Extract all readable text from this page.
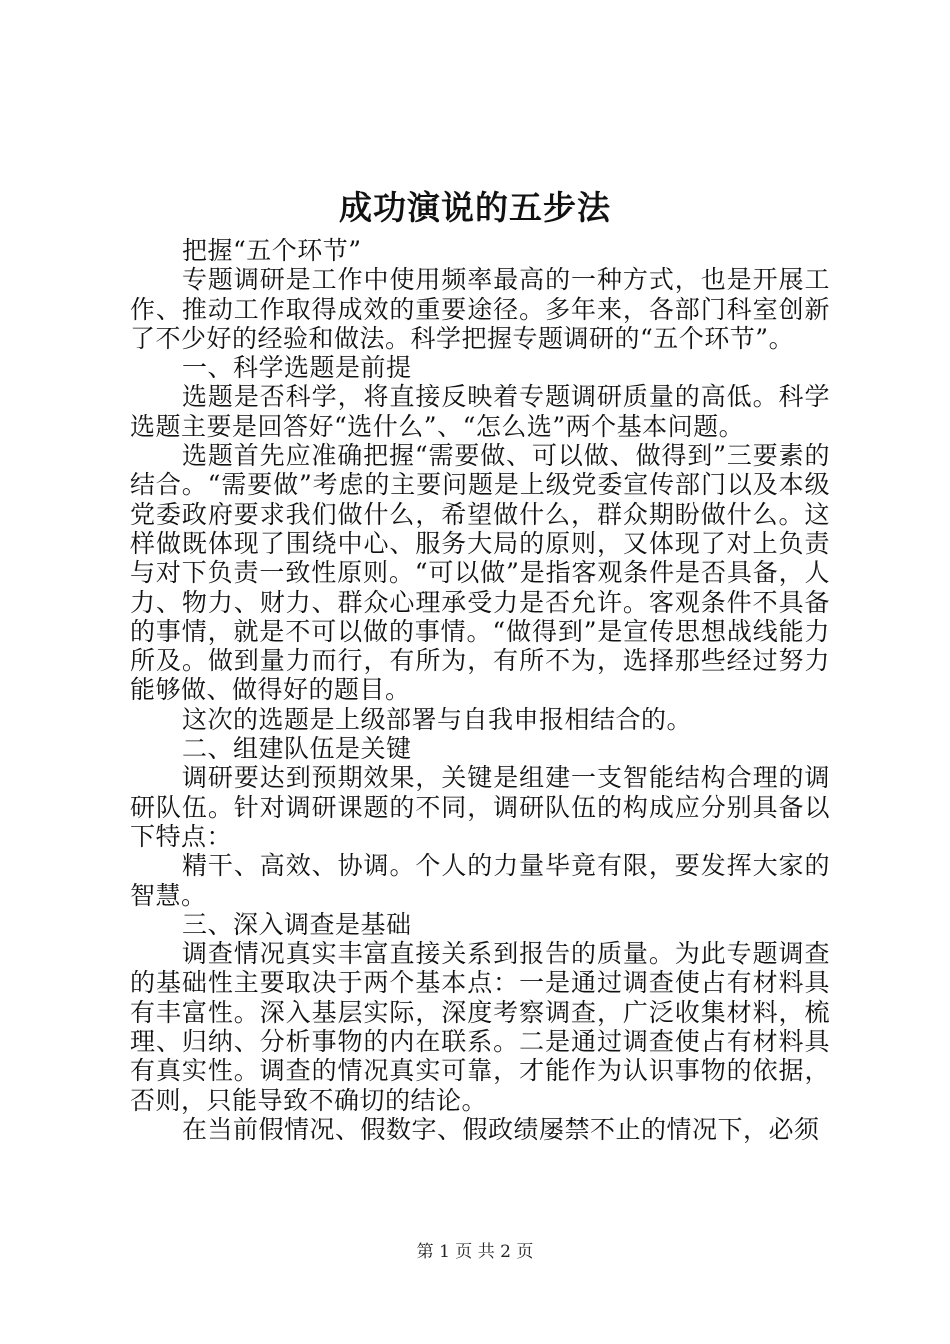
成功演说的五步法

把握“五个环节”

专题调研是工作中使用频率最高的一种方式，也是开展工作、推动工作取得成效的重要途径。多年来，各部门科室创新了不少好的经验和做法。科学把握专题调研的“五个环节”。

一、科学选题是前提

选题是否科学，将直接反映着专题调研质量的高低。科学选题主要是回答好“选什么”、“怎么选”两个基本问题。

选题首先应准确把握“需要做、可以做、做得到”三要素的结合。“需要做”考虑的主要问题是上级党委宣传部门以及本级党委政府要求我们做什么，希望做什么，群众期盼做什么。这样做既体现了围绕中心、服务大局的原则，又体现了对上负责与对下负责一致性原则。“可以做”是指客观条件是否具备，人力、物力、财力、群众心理承受力是否允许。客观条件不具备的事情，就是不可以做的事情。“做得到”是宣传思想战线能力所及。做到量力而行，有所为，有所不为，选择那些经过努力能够做、做得好的题目。

这次的选题是上级部署与自我申报相结合的。

二、组建队伍是关键

调研要达到预期效果，关键是组建一支智能结构合理的调研队伍。针对调研课题的不同，调研队伍的构成应分别具备以下特点：

精干、高效、协调。个人的力量毕竟有限，要发挥大家的智慧。

三、深入调查是基础

调查情况真实丰富直接关系到报告的质量。为此专题调查的基础性主要取决于两个基本点：一是通过调查使占有材料具有丰富性。深入基层实际，深度考察调查，广泛收集材料，梳理、归纳、分析事物的内在联系。二是通过调查使占有材料具有真实性。调查的情况真实可靠，才能作为认识事物的依据，否则，只能导致不确切的结论。

在当前假情况、假数字、假政绩屡禁不止的情况下，必须

第 1 页 共 2 页
